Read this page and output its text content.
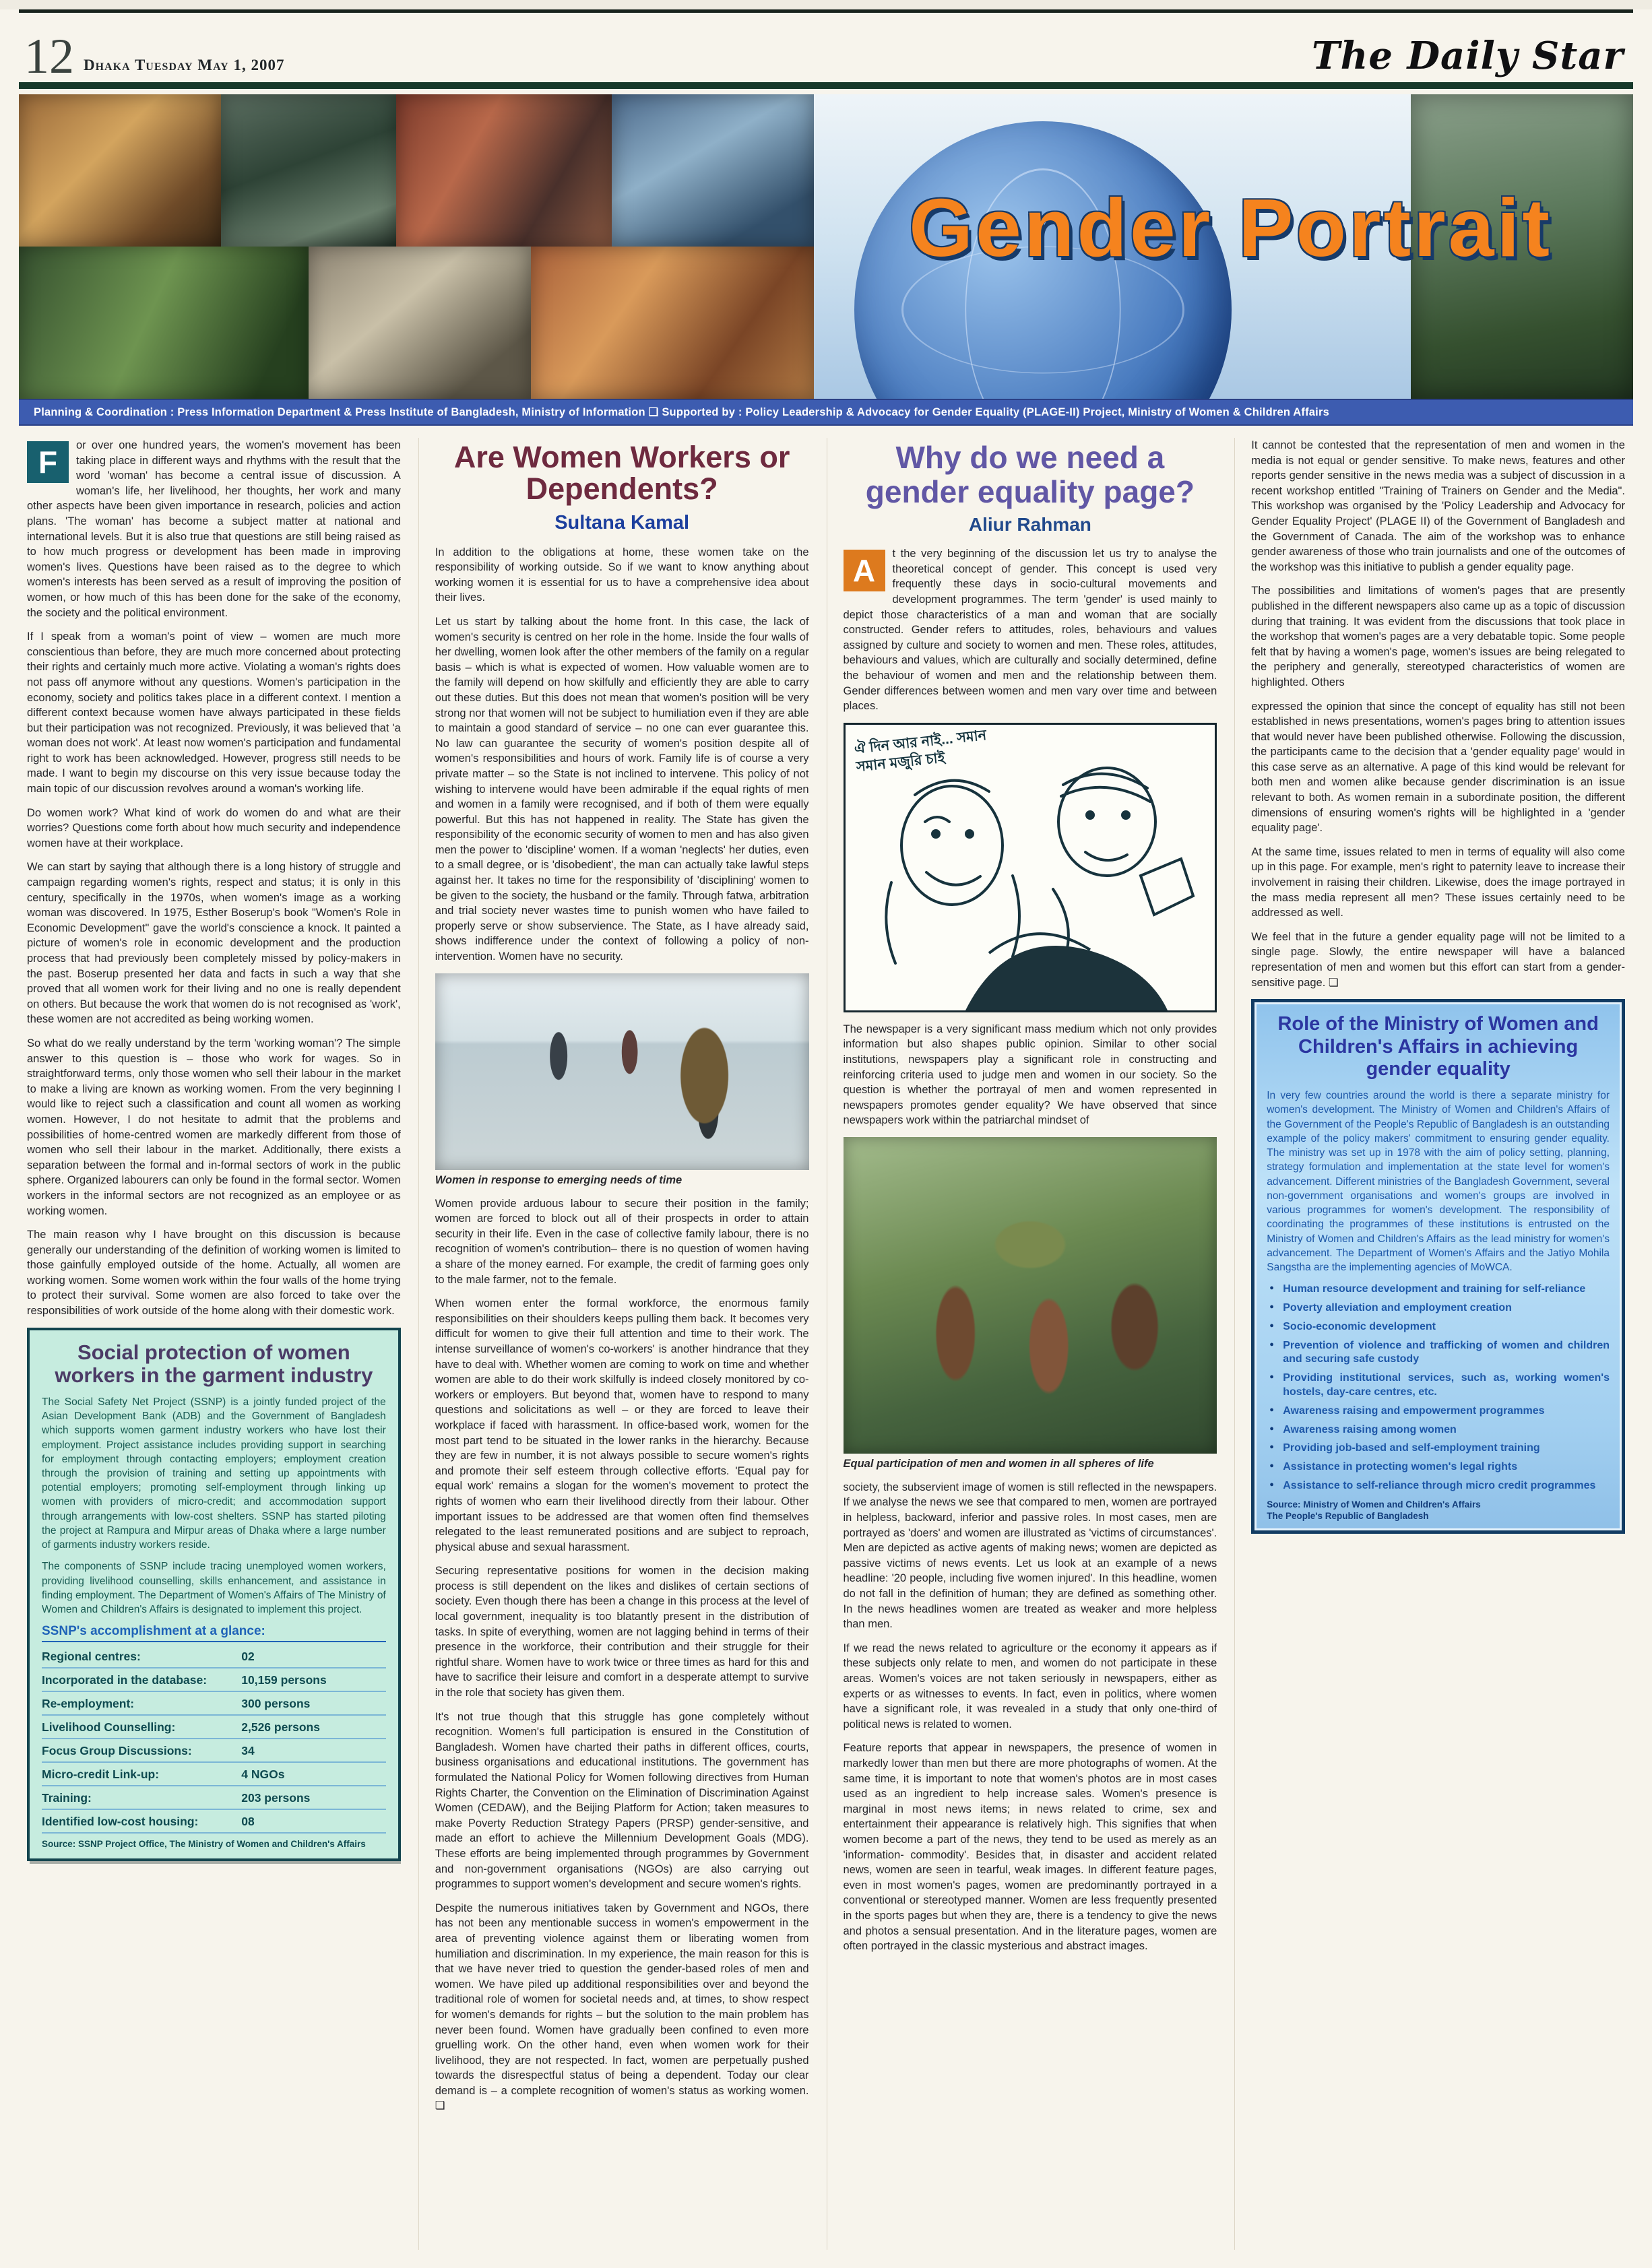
12 Dhaka Tuesday May 1, 2007	The Daily Star
Gender Portrait
Planning & Coordination : Press Information Department & Press Institute of Bangladesh, Ministry of Information ❏ Supported by : Policy Leadership & Advocacy for Gender Equality (PLAGE-II) Project, Ministry of Women & Children Affairs

F	or over one hundred years, the women's movement has been taking place in different ways and rhythms with the result that the word 'woman' has become a central issue of discussion. A woman's life, her livelihood, her thoughts, her work and many other aspects have been given importance in research, policies and action plans. 'The woman' has become a subject matter at national and international levels. But it is also true that questions are still being raised as to how much progress or development has been made in improving women's lives. Questions have been raised as to the degree to which women's interests has been served as a result of improving the position of women, or how much of this has been done for the sake of the economy, the society and the political environment.

If I speak from a woman's point of view – women are much more conscientious than before, they are much more concerned about protecting their rights and certainly much more active. Violating a woman's rights does not pass off anymore without any questions. Women's participation in the economy, society and politics takes place in a different context. I mention a different context because women have always participated in these fields but their participation was not recognized. Previously, it was believed that 'a woman does not work'. At least now women's participation and fundamental right to work has been acknowledged. However, progress still needs to be made. I want to begin my discourse on this very issue because today the main topic of our discussion revolves around a woman's working life.

Do women work? What kind of work do women do and what are their worries? Questions come forth about how much security and independence women have at their workplace.

We can start by saying that although there is a long history of struggle and campaign regarding women's rights, respect and status; it is only in this century, specifically in the 1970s, when women's image as a working woman was discovered. In 1975, Esther Boserup's book "Women's Role in Economic Development" gave the world's conscience a knock. It painted a picture of women's role in economic development and the production process that had previously been completely missed by policy-makers in the past. Boserup presented her data and facts in such a way that she proved that all women work for their living and no one is really dependent on others. But because the work that women do is not recognised as 'work', these women are not accredited as being working women.

So what do we really understand by the term 'working woman'? The simple answer to this question is – those who work for wages. So in straightforward terms, only those women who sell their labour in the market to make a living are known as working women. From the very beginning I would like to reject such a classification and count all women as working women. However, I do not hesitate to admit that the problems and possibilities of home-centred women are markedly different from those of women who sell their labour in the market. Additionally, there exists a separation between the formal and in-formal sectors of work in the public sphere. Organized labourers can only be found in the formal sector. Women workers in the informal sectors are not recognized as an employee or as working women.

The main reason why I have brought on this discussion is because generally our understanding of the definition of working women is limited to those gainfully employed outside of the home. Actually, all women are working women. Some women work within the four walls of the home trying to protect their survival. Some women are also forced to take over the responsibilities of work outside of the home along with their domestic work.

Social protection of women workers in the garment industry

The Social Safety Net Project (SSNP) is a jointly funded project of the Asian Development Bank (ADB) and the Government of Bangladesh which supports women garment industry workers who have lost their employment. Project assistance includes providing support in searching for employment through contacting employers; employment creation through the provision of training and setting up appointments with potential employers; promoting self-employment through linking up women with providers of micro-credit; and accommodation support through arrangements with low-cost shelters. SSNP has started piloting the project at Rampura and Mirpur areas of Dhaka where a large number of garments industry workers reside.

The components of SSNP include tracing unemployed women workers, providing livelihood counselling, skills enhancement, and assistance in finding employment. The Department of Women's Affairs of The Ministry of Women and Children's Affairs is designated to implement this project.

SSNP's accomplishment at a glance:
Regional centres:	02
Incorporated in the database:	10,159 persons
Re-employment:	300 persons
Livelihood Counselling:	2,526 persons
Focus Group Discussions:	34
Micro-credit Link-up:	4 NGOs
Training:	203 persons
Identified low-cost housing:	08
Source: SSNP Project Office, The Ministry of Women and Children's Affairs
Are Women Workers or Dependents?
Sultana Kamal

In addition to the obligations at home, these women take on the responsibility of working outside. So if we want to know anything about working women it is essential for us to have a comprehensive idea about their lives.

Let us start by talking about the home front. In this case, the lack of women's security is centred on her role in the home. Inside the four walls of her dwelling, women look after the other members of the family on a regular basis – which is what is expected of women. How valuable women are to the family will depend on how skilfully and efficiently they are able to carry out these duties. But this does not mean that women's position will be very strong nor that women will not be subject to humiliation even if they are able to maintain a good standard of service – no one can ever guarantee this. No law can guarantee the security of women's position despite all of women's responsibilities and hours of work. Family life is of course a very private matter – so the State is not inclined to intervene. This policy of not wishing to intervene would have been admirable if the equal rights of men and women in a family were recognised, and if both of them were equally powerful. But this has not happened in reality. The State has given the responsibility of the economic security of women to men and has also given men the power to 'discipline' women. If a woman 'neglects' her duties, even to a small degree, or is 'disobedient', the man can actually take lawful steps against her. It takes no time for the responsibility of 'disciplining' women to be given to the society, the husband or the family. Through fatwa, arbitration and trial society never wastes time to punish women who have failed to properly serve or show subservience. The State, as I have already said, shows indifference under the context of following a policy of non-intervention. Women have no security.

Women in response to emerging needs of time

Women provide arduous labour to secure their position in the family; women are forced to block out all of their prospects in order to attain security in their life. Even in the case of collective family labour, there is no recognition of women's contribution– there is no question of women having a share of the money earned. For example, the credit of farming goes only to the male farmer, not to the female.

When women enter the formal workforce, the enormous family responsibilities on their shoulders keeps pulling them back. It becomes very difficult for women to give their full attention and time to their work. The intense surveillance of women's co-workers' is another hindrance that they have to deal with. Whether women are coming to work on time and whether women are able to do their work skilfully is indeed closely monitored by co-workers or employers. But beyond that, women have to respond to many questions and solicitations as well – or they are forced to leave their workplace if faced with harassment. In office-based work, women for the most part tend to be situated in the lower ranks in the hierarchy. Because they are few in number, it is not always possible to secure women's rights and promote their self esteem through collective efforts. 'Equal pay for equal work' remains a slogan for the women's movement to protect the rights of women who earn their livelihood directly from their labour. Other important issues to be addressed are that women often find themselves relegated to the least remunerated positions and are subject to reproach, physical abuse and sexual harassment.

Securing representative positions for women in the decision making process is still dependent on the likes and dislikes of certain sections of society. Even though there has been a change in this process at the level of local government, inequality is too blatantly present in the distribution of tasks. In spite of everything, women are not lagging behind in terms of their presence in the workforce, their contribution and their struggle for their rightful share. Women have to work twice or three times as hard for this and have to sacrifice their leisure and comfort in a desperate attempt to survive in the role that society has given them.

It's not true though that this struggle has gone completely without recognition. Women's full participation is ensured in the Constitution of Bangladesh. Women have charted their paths in different offices, courts, business organisations and educational institutions. The government has formulated the National Policy for Women following directives from Human Rights Charter, the Convention on the Elimination of Discrimination Against Women (CEDAW), and the Beijing Platform for Action; taken measures to make Poverty Reduction Strategy Papers (PRSP) gender-sensitive, and made an effort to achieve the Millennium Development Goals (MDG). These efforts are being implemented through programmes by Government and non-government organisations (NGOs) are also carrying out programmes to support women's development and secure women's rights.

Despite the numerous initiatives taken by Government and NGOs, there has not been any mentionable success in women's empowerment in the area of preventing violence against them or liberating women from humiliation and discrimination. In my experience, the main reason for this is that we have never tried to question the gender-based roles of men and women. We have piled up additional responsibilities over and beyond the traditional role of women for societal needs and, at times, to show respect for women's demands for rights – but the solution to the main problem has never been found. Women have gradually been confined to even more gruelling work. On the other hand, even when women work for their livelihood, they are not respected. In fact, women are perpetually pushed towards the disrespectful status of being a dependent. Today our clear demand is – a complete recognition of women's status as working women. ❏

Why do we need a
gender equality page?
Aliur Rahman

A	t the very beginning of the discussion let us try to analyse the theoretical concept of gender. This concept is used very frequently these days in socio-cultural movements and development programmes. The term 'gender' is used mainly to depict those characteristics of a man and woman that are socially constructed. Gender refers to attitudes, roles, behaviours and values assigned by culture and society to women and men. These roles, attitudes, behaviours and values, which are culturally and socially determined, define the behaviour of women and men and the relationship between them. Gender differences between women and men vary over time and between places.

ঐ দিন আর নাই... সমান সমান মজুরি চাই

The newspaper is a very significant mass medium which not only provides information but also shapes public opinion. Similar to other social institutions, newspapers play a significant role in constructing and reinforcing criteria used to judge men and women in our society. So the question is whether the portrayal of men and women represented in newspapers promotes gender equality? We have observed that since newspapers work within the patriarchal mindset of

Equal participation of men and women in all spheres of life

society, the subservient image of women is still reflected in the newspapers. If we analyse the news we see that compared to men, women are portrayed in helpless, backward, inferior and passive roles. In most cases, men are portrayed as 'doers' and women are illustrated as 'victims of circumstances'. Men are depicted as active agents of making news; women are depicted as passive victims of news events. Let us look at an example of a news headline: '20 people, including five women injured'. In this headline, women do not fall in the definition of human; they are defined as something other. In the news headlines women are treated as weaker and more helpless than men.

If we read the news related to agriculture or the economy it appears as if these subjects only relate to men, and women do not participate in these areas. Women's voices are not taken seriously in newspapers, either as experts or as witnesses to events. In fact, even in politics, where women have a significant role, it was revealed in a study that only one-third of political news is related to women.

Feature reports that appear in newspapers, the presence of women in markedly lower than men but there are more photographs of women. At the same time, it is important to note that women's photos are in most cases used as an ingredient to help increase sales. Women's presence is marginal in most news items; in news related to crime, sex and entertainment their appearance is relatively high. This signifies that when women become a part of the news, they tend to be used as merely as an 'information- commodity'. Besides that, in disaster and accident related news, women are seen in tearful, weak images. In different feature pages, even in most women's pages, women are predominantly portrayed in a conventional or stereotyped manner. Women are less frequently presented in the sports pages but when they are, there is a tendency to give the news and photos a sensual presentation. And in the literature pages, women are often portrayed in the classic mysterious and abstract images.

It cannot be contested that the representation of men and women in the media is not equal or gender sensitive. To make news, features and other reports gender sensitive in the news media was a subject of discussion in a recent workshop entitled "Training of Trainers on Gender and the Media". This workshop was organised by the 'Policy Leadership and Advocacy for Gender Equality Project' (PLAGE II) of the Government of Bangladesh and the Government of Canada. The aim of the workshop was to enhance gender awareness of those who train journalists and one of the outcomes of the workshop was this initiative to publish a gender equality page.

The possibilities and limitations of women's pages that are presently published in the different newspapers also came up as a topic of discussion during that training. It was evident from the discussions that took place in the workshop that women's pages are a very debatable topic. Some people felt that by having a women's page, women's issues are being relegated to the periphery and generally, stereotyped characteristics of women are highlighted. Others

expressed the opinion that since the concept of equality has still not been established in news presentations, women's pages bring to attention issues that would never have been published otherwise. Following the discussion, the participants came to the decision that a 'gender equality page' would in this case serve as an alternative. A page of this kind would be relevant for both men and women alike because gender discrimination is an issue relevant to both. As women remain in a subordinate position, the different dimensions of ensuring women's rights will be highlighted in a 'gender equality page'.

At the same time, issues related to men in terms of equality will also come up in this page. For example, men's right to paternity leave to increase their involvement in raising their children. Likewise, does the image portrayed in the mass media represent all men? These issues certainly need to be addressed as well.

We feel that in the future a gender equality page will not be limited to a single page. Slowly, the entire newspaper will have a balanced representation of men and women but this effort can start from a gender-sensitive page. ❏

Role of the Ministry of Women and Children's Affairs in achieving gender equality

In very few countries around the world is there a separate ministry for women's development. The Ministry of Women and Children's Affairs of the Government of the People's Republic of Bangladesh is an outstanding example of the policy makers' commitment to ensuring gender equality. The ministry was set up in 1978 with the aim of policy setting, planning, strategy formulation and implementation at the state level for women's advancement. Different ministries of the Bangladesh Government, several non-government organisations and women's groups are involved in various programmes for women's development. The responsibility of coordinating the programmes of these institutions is entrusted on the Ministry of Women and Children's Affairs as the lead ministry for women's advancement. The Department of Women's Affairs and the Jatiyo Mohila Sangstha are the implementing agencies of MoWCA.

● Human resource development and training for self-reliance
● Poverty alleviation and employment creation
● Socio-economic development
● Prevention of violence and trafficking of women and children and securing safe custody
● Providing institutional services, such as, working women's hostels, day-care centres, etc.
● Awareness raising and empowerment programmes
● Awareness raising among women
● Providing job-based and self-employment training
● Assistance in protecting women's legal rights
● Assistance to self-reliance through micro credit programmes
Source: Ministry of Women and Children's Affairs
The People's Republic of Bangladesh
